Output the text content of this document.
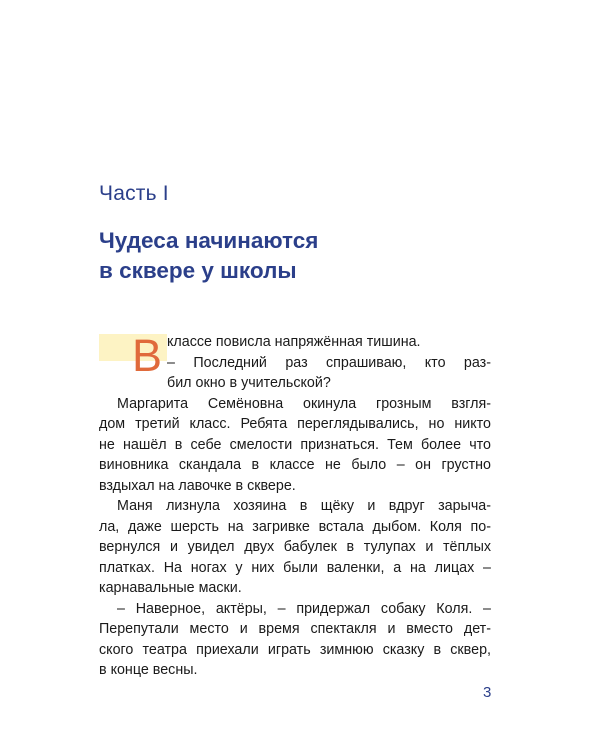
Часть I
Чудеса начинаются
в сквере у школы
В классе повисла напряжённая тишина.
– Последний раз спрашиваю, кто раз-
бил окно в учительской?
Маргарита Семёновна окинула грозным взгля-
дом третий класс. Ребята переглядывались, но никто
не нашёл в себе смелости признаться. Тем более что
виновника скандала в классе не было – он грустно
вздыхал на лавочке в сквере.
Маня лизнула хозяина в щёку и вдруг зарыча-
ла, даже шерсть на загривке встала дыбом. Коля по-
вернулся и увидел двух бабулек в тулупах и тёплых
платках. На ногах у них были валенки, а на лицах –
карнавальные маски.
– Наверное, актёры, – придержал собаку Коля. –
Перепутали место и время спектакля и вместо дет-
ского театра приехали играть зимнюю сказку в сквер,
в конце весны.
3
